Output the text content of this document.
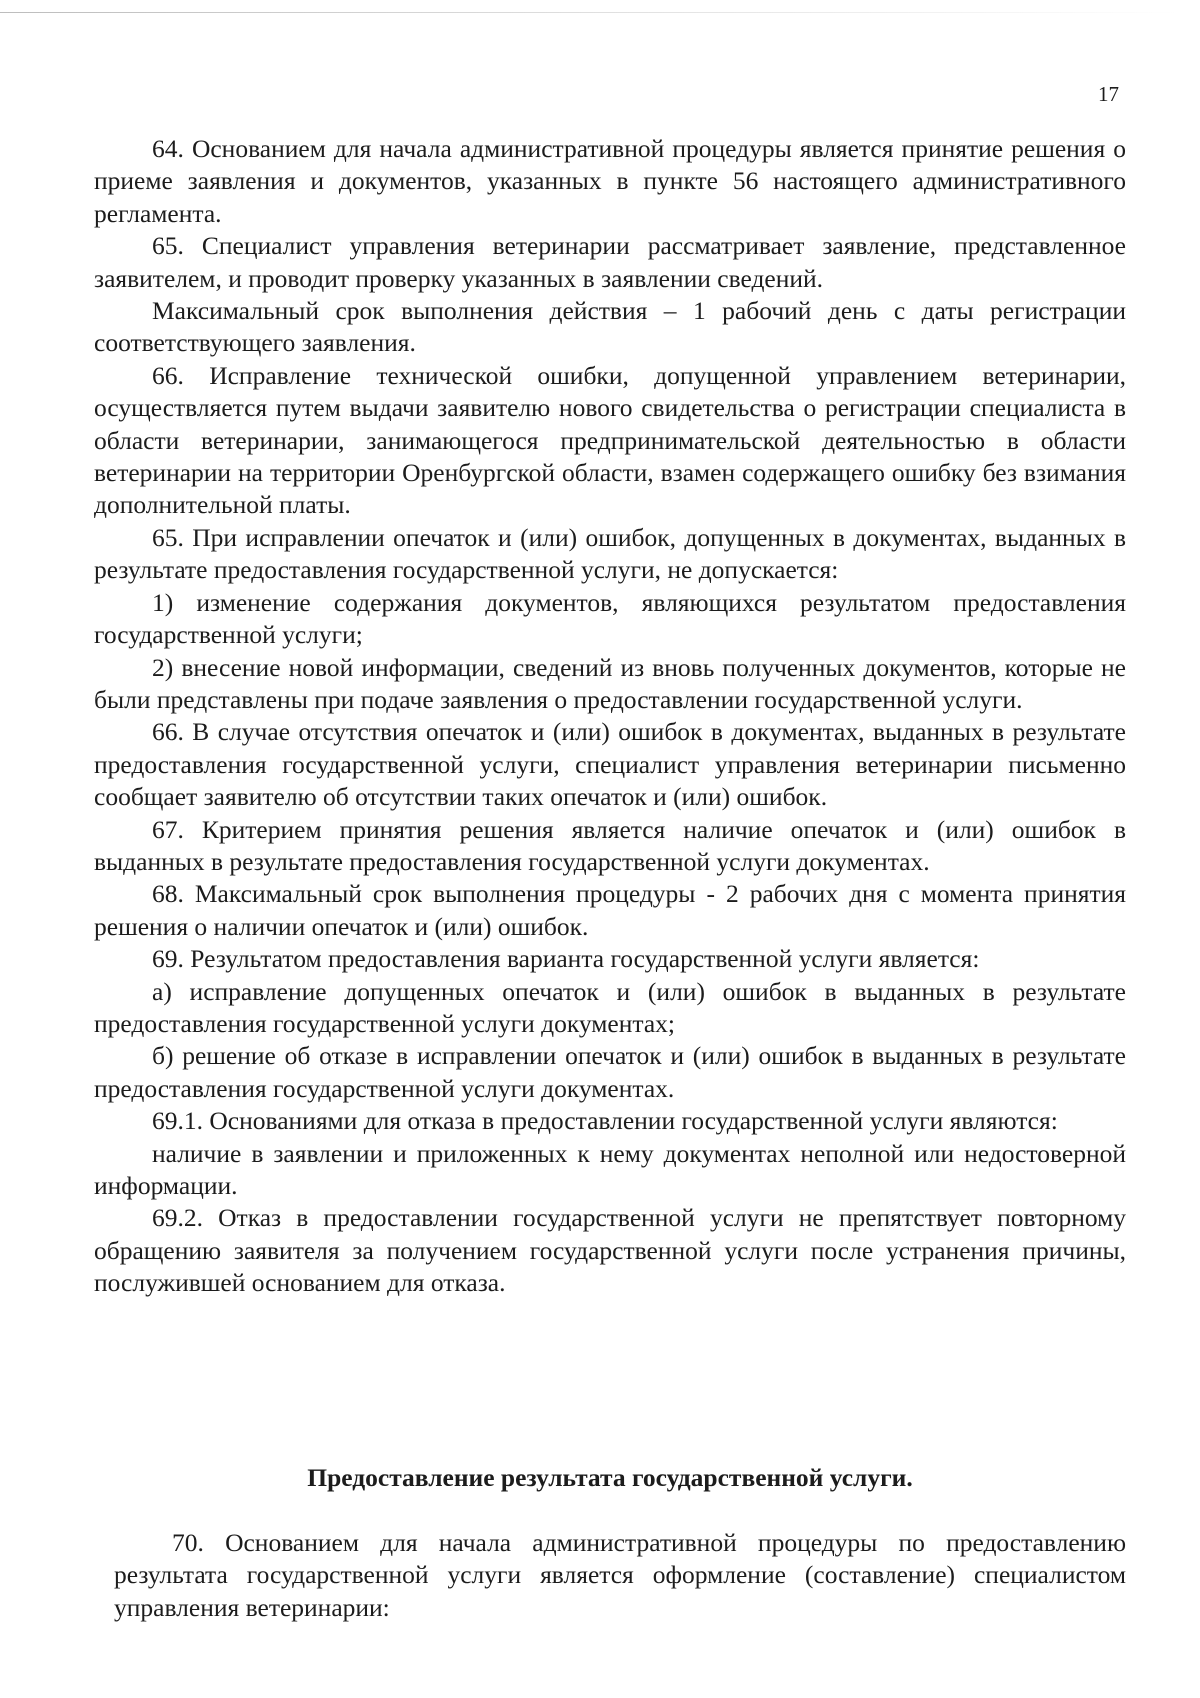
17

64. Основанием для начала административной процедуры является принятие решения о приеме заявления и документов, указанных в пункте 56 настоящего административного регламента.

65. Специалист управления ветеринарии рассматривает заявление, представленное заявителем, и проводит проверку указанных в заявлении сведений.

Максимальный срок выполнения действия – 1 рабочий день с даты регистрации соответствующего заявления.

66. Исправление технической ошибки, допущенной управлением ветеринарии, осуществляется путем выдачи заявителю нового свидетельства о регистрации специалиста в области ветеринарии, занимающегося предпринимательской деятельностью в области ветеринарии на территории Оренбургской области, взамен содержащего ошибку без взимания дополнительной платы.

65. При исправлении опечаток и (или) ошибок, допущенных в документах, выданных в результате предоставления государственной услуги, не допускается:

1) изменение содержания документов, являющихся результатом предоставления государственной услуги;

2) внесение новой информации, сведений из вновь полученных документов, которые не были представлены при подаче заявления о предоставлении государственной услуги.

66. В случае отсутствия опечаток и (или) ошибок в документах, выданных в результате предоставления государственной услуги, специалист управления ветеринарии письменно сообщает заявителю об отсутствии таких опечаток и (или) ошибок.

67. Критерием принятия решения является наличие опечаток и (или) ошибок в выданных в результате предоставления государственной услуги документах.

68. Максимальный срок выполнения процедуры - 2 рабочих дня с момента принятия решения о наличии опечаток и (или) ошибок.

69. Результатом предоставления варианта государственной услуги является:

а) исправление допущенных опечаток и (или) ошибок в выданных в результате предоставления государственной услуги документах;

б) решение об отказе в исправлении опечаток и (или) ошибок в выданных в результате предоставления государственной услуги документах.

69.1. Основаниями для отказа в предоставлении государственной услуги являются:

наличие в заявлении и приложенных к нему документах неполной или недостоверной информации.

69.2. Отказ в предоставлении государственной услуги не препятствует повторному обращению заявителя за получением государственной услуги после устранения причины, послужившей основанием для отказа.

Предоставление результата государственной услуги.

70. Основанием для начала административной процедуры по предоставлению результата государственной услуги является оформление (составление) специалистом управления ветеринарии:
